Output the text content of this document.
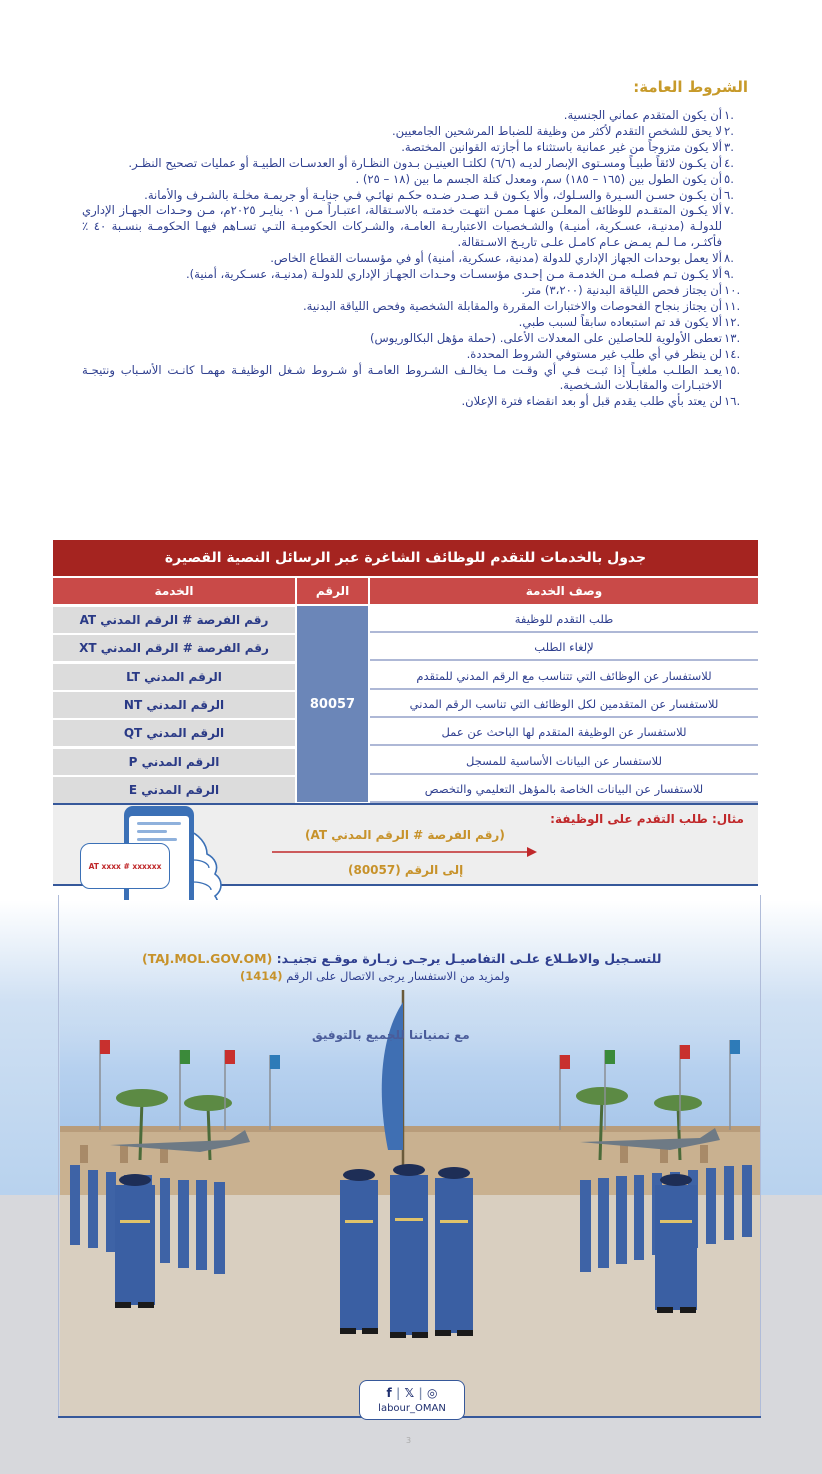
الشروط العامة:
.١
أن يكون المتقدم عماني الجنسية.
.٢
لا يحق للشخص التقدم لأكثر من وظيفة للضباط المرشحين الجامعيين.
.٣
ألا يكون متزوجاً من غير عمانية باستثناء ما أجازته القوانين المختصة.
.٤
أن يكـون لائقاً طبيـاً ومسـتوى الإبصار لديـه (٦/٦) لكلتـا العينيـن بـدون النظـارة أو العدسـات الطبيـة أو عمليات تصحيح النظـر.
.٥
أن يكون الطول بين (١٦٥ – ١٨٥) سم، ومعدل كتلة الجسم ما بين (١٨ – ٢٥) .
.٦
أن يكـون حسـن السـيرة والسـلوك، وألا يكـون قـد صـدر ضـده حكـم نهائـي فـي جنايـة أو جريمـة مخلـة بالشـرف والأمانة.
.٧
ألا يكـون المتقـدم للوظائف المعلـن عنهـا ممـن انتهـت خدمتـه بالاسـتقالة، اعتبـاراً مـن ٠١ ينايـر ٢٠٢٥م، مـن وحـدات الجهـاز الإداري للدولـة (مدنيـة، عسـكرية، أمنيـة) والشـخصيات الاعتباريـة العامـة، والشـركات الحكوميـة التـي تسـاهم فيهـا الحكومـة بنسـبة ٤٠ ٪ فأكثـر، مـا لـم يمـض عـام كامـل علـى تاريـخ الاسـتقالة.
.٨
ألا يعمل بوحدات الجهاز الإداري للدولة (مدنية، عسكرية، أمنية) أو في مؤسسات القطاع الخاص.
.٩
ألا يكـون تـم فصلـه مـن الخدمـة مـن إحـدى مؤسسـات وحـدات الجهـاز الإداري للدولـة (مدنيـة، عسـكرية، أمنية).
.١٠
أن يجتاز فحص اللياقة البدنية (٣،٢٠٠) متر.
.١١
أن يجتاز بنجاح الفحوصات والاختبارات المقررة والمقابلة الشخصية وفحص اللياقة البدنية.
.١٢
ألا يكون قد تم استبعاده سابقاً لسبب طبي.
.١٣
تعطى الأولوية للحاصلين على المعدلات الأعلى. (حملة مؤهل البكالوريوس)
.١٤
لن ينظر في أي طلب غير مستوفي الشروط المحددة.
.١٥
يعـد الطلـب ملغيـاً إذا ثبـت فـي أي وقـت مـا يخالـف الشـروط العامـة أو شـروط شـغل الوظيفـة مهمـا كانـت الأسـباب ونتيجـة الاختبـارات والمقابـلات الشـخصية.
.١٦
لن يعتد بأي طلب يقدم قبل أو بعد انقضاء فترة الإعلان.
جدول بالخدمات للتقدم للوظائف الشاغرة عبر الرسائل النصية القصيرة
وصف الخدمة
الرقم
الخدمة
80057
طلب التقدم للوظيفة
رقم الفرصة # الرقم المدني AT
لإلغاء الطلب
رقم الفرصة # الرقم المدني XT
للاستفسار عن الوظائف التي تتناسب مع الرقم المدني للمتقدم
الرقم المدني LT
للاستفسار عن المتقدمين لكل الوظائف التي تناسب الرقم المدني
الرقم المدني NT
للاستفسار عن الوظيفة المتقدم لها الباحث عن عمل
الرقم المدني QT
للاستفسار عن البيانات الأساسية للمسجل
الرقم المدني P
للاستفسار عن البيانات الخاصة بالمؤهل التعليمي والتخصص
الرقم المدني E
مثال: طلب التقدم على الوظيفة:
(رقم الفرصة # الرقم المدني AT)
إلى الرقم (80057)
AT xxxx # xxxxxx
للتسـجيل والاطـلاع علـى التفاصيـل يرجـى زيـارة موقـع تجنيـد: (TAJ.MOL.GOV.OM)
ولمزيد من الاستفسار يرجى الاتصال على الرقم (1414)
مع تمنياتنا للجميع بالتوفيق
f | 𝕏 | ◎
labour_OMAN
3
